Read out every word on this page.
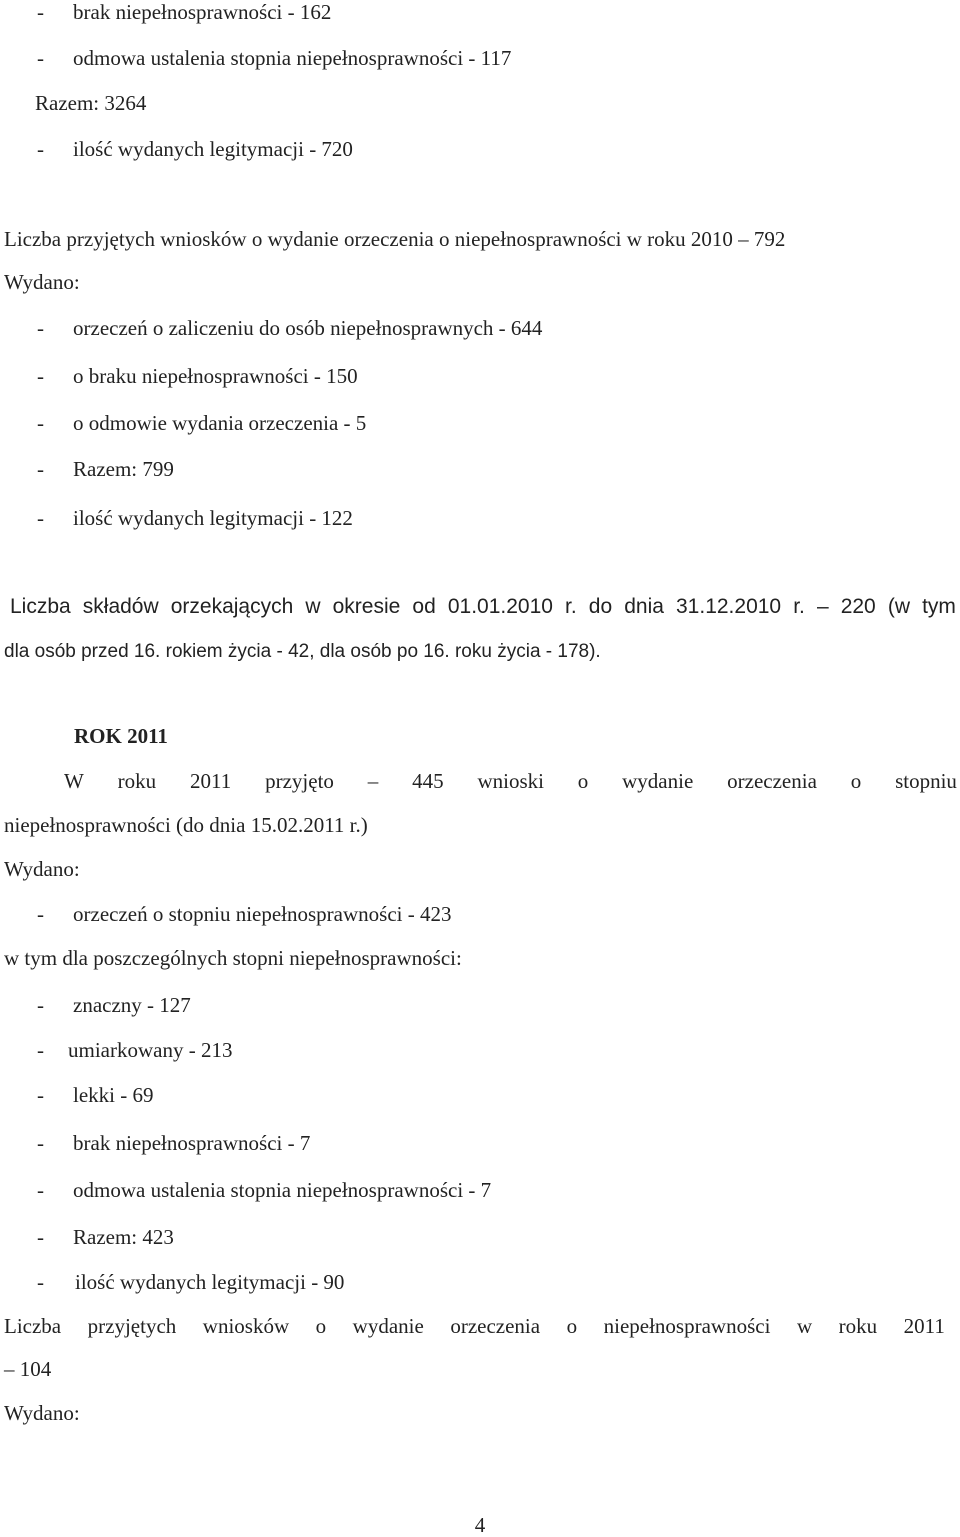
- brak niepełnosprawności - 162
- odmowa ustalenia stopnia niepełnosprawności - 117
Razem: 3264
- ilość wydanych legitymacji - 720
Liczba przyjętych wniosków o wydanie orzeczenia o niepełnosprawności w roku 2010 – 792
Wydano:
- orzeczeń o zaliczeniu do osób niepełnosprawnych - 644
- o braku niepełnosprawności - 150
- o odmowie wydania orzeczenia - 5
- Razem: 799
- ilość wydanych legitymacji - 122
Liczba składów orzekających w okresie od 01.01.2010 r. do dnia 31.12.2010 r. – 220 (w tym
dla osób przed 16. rokiem życia - 42, dla osób po 16. roku życia - 178).
ROK 2011
W roku 2011 przyjęto – 445 wnioski o wydanie orzeczenia o stopniu
niepełnosprawności (do dnia 15.02.2011 r.)
Wydano:
- orzeczeń o stopniu niepełnosprawności - 423
w tym dla poszczególnych stopni niepełnosprawności:
- znaczny - 127
- umiarkowany - 213
- lekki - 69
- brak niepełnosprawności - 7
- odmowa ustalenia stopnia niepełnosprawności - 7
- Razem: 423
- ilość wydanych legitymacji - 90
Liczba przyjętych wniosków o wydanie orzeczenia o niepełnosprawności w roku 2011
– 104
Wydano:
4
